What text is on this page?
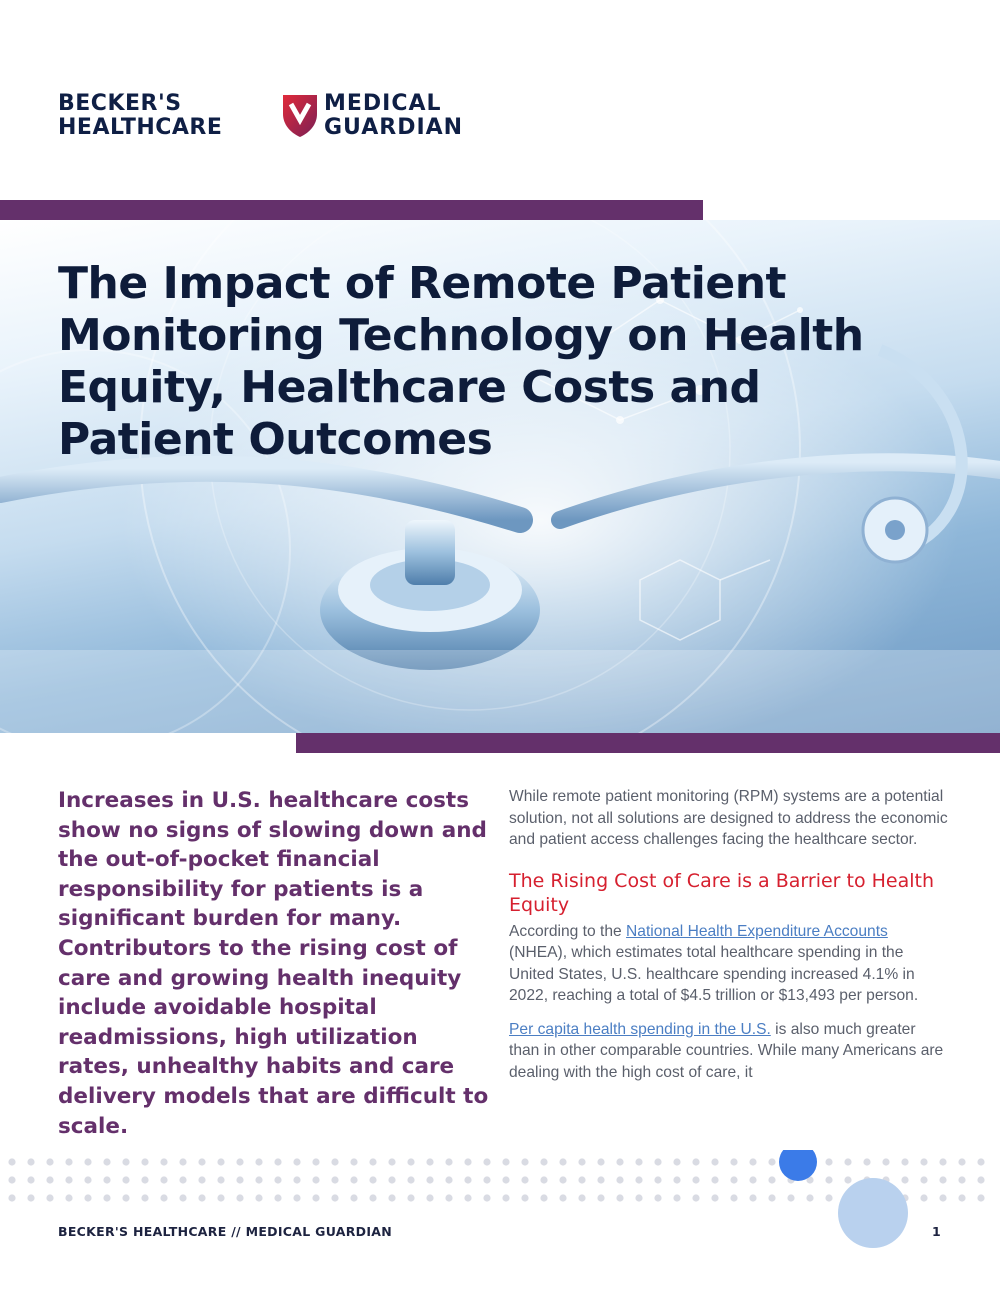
BECKER'S
HEALTHCARE
MEDICAL
GUARDIAN
The Impact of Remote Patient Monitoring Technology on Health Equity, Healthcare Costs and Patient Outcomes

Increases in U.S. healthcare costs show no signs of slowing down and the out-of-pocket financial responsibility for patients is a significant burden for many. Contributors to the rising cost of care and growing health inequity include avoidable hospital readmissions, high utilization rates, unhealthy habits and care delivery models that are difficult to scale.

While remote patient monitoring (RPM) systems are a potential solution, not all solutions are designed to address the economic and patient access challenges facing the healthcare sector.

The Rising Cost of Care is a Barrier to Health Equity

According to the National Health Expenditure Accounts (NHEA), which estimates total healthcare spending in the United States, U.S. healthcare spending increased 4.1% in 2022, reaching a total of $4.5 trillion or $13,493 per person.

Per capita health spending in the U.S. is also much greater than in other comparable countries. While many Americans are dealing with the high cost of care, it

BECKER'S HEALTHCARE // MEDICAL GUARDIAN	1
